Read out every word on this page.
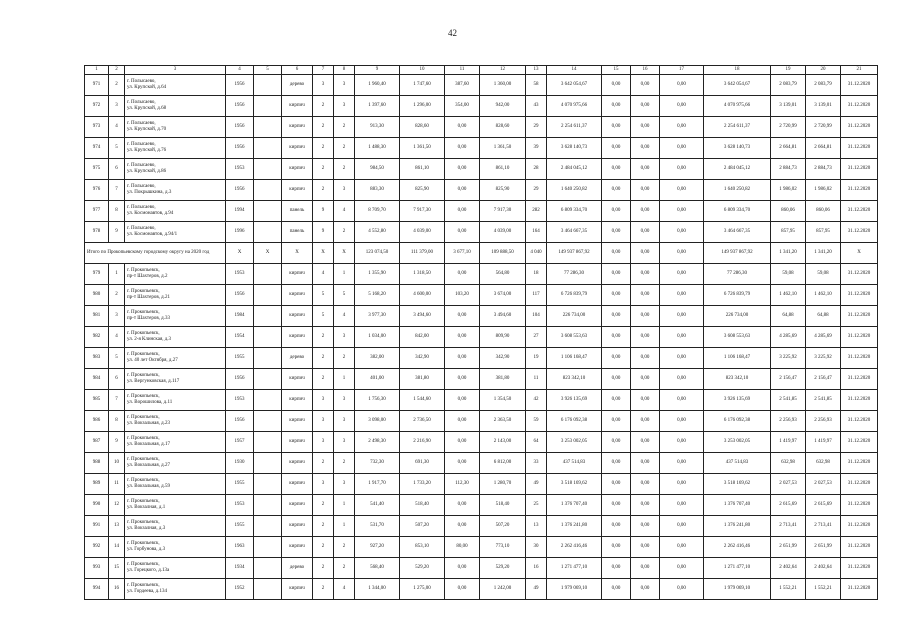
42
1	2	3	4	5	6	7	8	9	10	11	12	13	14	15	16	17	18	19	20	21
971	2	г. Полысаево,
ул. Крупской, д.64	1956		дерево	3	3	1 960,40	1 747,60	387,60	1 360,00	58	3 642 054,67	0,00	0,00	0,00	3 642 054,67	2 083,79	2 083,79	31.12.2020
972	3	г. Полысаево,
ул. Крупской, д.68	1956		кирпич	2	3	1 397,60	1 296,00	354,00	942,00	43	4 070 975,66	0,00	0,00	0,00	4 070 975,66	3 139,01	3 139,01	31.12.2020
973	4	г. Полысаево,
ул. Крупской, д.70	1956		кирпич	2	2	913,30	828,60	0,00	828,60	29	2 254 611,37	0,00	0,00	0,00	2 254 611,37	2 720,99	2 720,99	31.12.2020
974	5	г. Полысаево,
ул. Крупской, д.76	1956		кирпич	2	2	1 488,30	1 361,50	0,00	1 361,50	39	3 628 140,73	0,00	0,00	0,00	3 628 140,73	2 664,81	2 664,81	31.12.2020
975	6	г. Полысаево,
ул. Крупской, д.86	1953		кирпич	2	2	984,50	861,10	0,00	861,10	28	2 484 045,12	0,00	0,00	0,00	2 484 045,12	2 884,73	2 884,73	31.12.2020
976	7	г. Полысаево,
ул. Покрышкина, д.3	1956		кирпич	2	3	883,30	825,90	0,00	825,90	29	1 640 250,82	0,00	0,00	0,00	1 640 250,82	1 986,02	1 986,02	31.12.2020
977	8	г. Полысаево,
ул. Космонавтов, д.94	1994		панель	9	4	8 709,70	7 917,30	0,00	7 917,30	282	6 809 334,70	0,00	0,00	0,00	6 809 334,70	860,06	860,06	31.12.2020
978	9	г. Полысаево,
ул. Космонавтов, д.94/1	1996		панель	9	2	4 552,80	4 039,00	0,00	4 039,00	164	3 464 667,35	0,00	0,00	0,00	3 464 667,35	857,95	857,95	31.12.2020
Итого по Прокопьевскому городскому округу на 2020 год			X	X	X	X	X	123 074,50	111 379,00	3 677,10	109 888,50	4 040	149 937 867,92	0,00	0,00	0,00	149 937 867,92	1 341,20	1 341,20	X
979	1	г. Прокопьевск,
пр-т Шахтеров, д.2	1953		кирпич	4	1	1 355,90	1 318,50	0,00	564,80	18	77 286,30	0,00	0,00	0,00	77 286,30	59,08	59,08	31.12.2020
980	2	г. Прокопьевск,
пр-т Шахтеров, д.21	1956		кирпич	5	5	5 168,20	4 600,00	103,20	3 674,00	117	6 726 839,79	0,00	0,00	0,00	6 726 839,79	1 462,10	1 462,10	31.12.2020
981	3	г. Прокопьевск,
пр-т Шахтеров, д.33	1984		кирпич	5	4	3 977,30	3 494,60	0,00	3 494,60	104	226 734,00	0,00	0,00	0,00	226 734,00	64,88	64,88	31.12.2020
982	4	г. Прокопьевск,
ул. 2-я Клинская, д.3	1954		кирпич	2	3	1 034,00	842,00	0,00	809,90	27	3 608 553,63	0,00	0,00	0,00	3 608 553,63	4 285,69	4 285,69	31.12.2020
983	5	г. Прокопьевск,
ул. 40 лет Октября, д.27	1955		дерево	2	2	382,00	342,90	0,00	342,90	19	1 106 168,47	0,00	0,00	0,00	1 106 168,47	3 225,92	3 225,92	31.12.2020
984	6	г. Прокопьевск,
ул. Вергунковская, д.117	1956		кирпич	2	1	401,00	381,80	0,00	381,80	11	823 342,10	0,00	0,00	0,00	823 342,10	2 156,47	2 156,47	31.12.2020
985	7	г. Прокопьевск,
ул. Ворошилова, д.11	1953		кирпич	3	3	1 756,30	1 544,60	0,00	1 354,50	42	3 926 135,69	0,00	0,00	0,00	3 926 135,69	2 541,85	2 541,85	31.12.2020
986	8	г. Прокопьевск,
ул. Вокзальная, д.23	1956		кирпич	3	3	3 098,00	2 736,50	0,00	2 363,50	59	6 176 092,38	0,00	0,00	0,00	6 176 092,38	2 256,93	2 256,93	31.12.2020
987	9	г. Прокопьевск,
ул. Вокзальная, д.17	1957		кирпич	3	3	2 498,30	2 216,90	0,00	2 143,00	64	3 253 002,05	0,00	0,00	0,00	3 253 002,05	1 419,97	1 419,97	31.12.2020
988	10	г. Прокопьевск,
ул. Вокзальная, д.27	1930		кирпич	2	2	732,30	691,30	0,00	6 812,00	33	437 514,83	0,00	0,00	0,00	437 514,83	632,98	632,98	31.12.2020
989	11	г. Прокопьевск,
ул. Вокзальная, д.59	1955		кирпич	3	3	1 917,70	1 733,20	112,30	1 280,70	49	3 518 169,62	0,00	0,00	0,00	3 518 169,62	2 027,53	2 027,53	31.12.2020
990	12	г. Прокопьевск,
ул. Вокзалная, д.1	1953		кирпич	2	1	541,40	518,40	0,00	518,40	25	1 376 707,40	0,00	0,00	0,00	1 376 707,40	2 615,69	2 615,69	31.12.2020
991	13	г. Прокопьевск,
ул. Вокзалная, д.3	1955		кирпич	2	1	531,70	507,20	0,00	507,20	13	1 376 241,80	0,00	0,00	0,00	1 376 241,80	2 713,41	2 713,41	31.12.2020
992	14	г. Прокопьевск,
ул. Горбунова, д.3	1963		кирпич	2	2	927,20	853,10	80,00	773,10	30	2 262 416,46	0,00	0,00	0,00	2 262 416,46	2 651,99	2 651,99	31.12.2020
993	15	г. Прокопьевск,
ул. Горецкого, д.13а	1934		дерево	2	2	568,40	529,20	0,00	529,20	16	1 271 477,10	0,00	0,00	0,00	1 271 477,10	2 402,64	2 402,64	31.12.2020
994	16	г. Прокопьевск,
ул. Гордеева, д.134	1952		кирпич	2	4	1 344,00	1 275,00	0,00	1 242,00	49	1 979 069,10	0,00	0,00	0,00	1 979 069,10	1 552,21	1 552,21	31.12.2020
